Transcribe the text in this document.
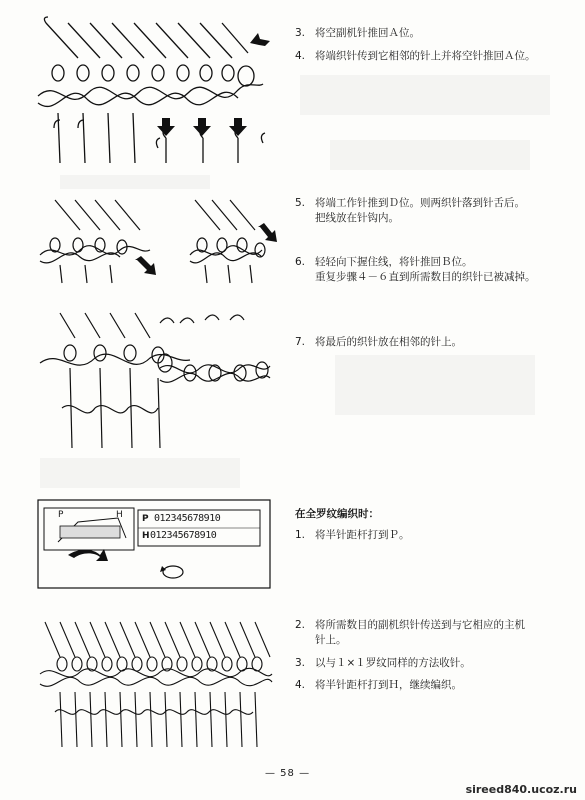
P	H P
H
012345678910
012345678910
3. 将空副机针推回Ａ位。
4. 将端织针传到它相邻的针上并将空针推回Ａ位。
5. 将端工作针推到Ｄ位。则两织针落到针舌后。
把线放在针钩内。
6. 轻轻向下握住线，将针推回Ｂ位。
重复步骤４－６直到所需数目的织针已被减掉。
7. 将最后的织针放在相邻的针上。
在全罗纹编织时：
1. 将半针距杆打到Ｐ。
2. 将所需数目的副机织针传送到与它相应的主机
针上。
3. 以与１×１罗纹同样的方法收针。
4. 将半针距杆打到Ｈ，继续编织。
— 58 —
sireed840.ucoz.ru
